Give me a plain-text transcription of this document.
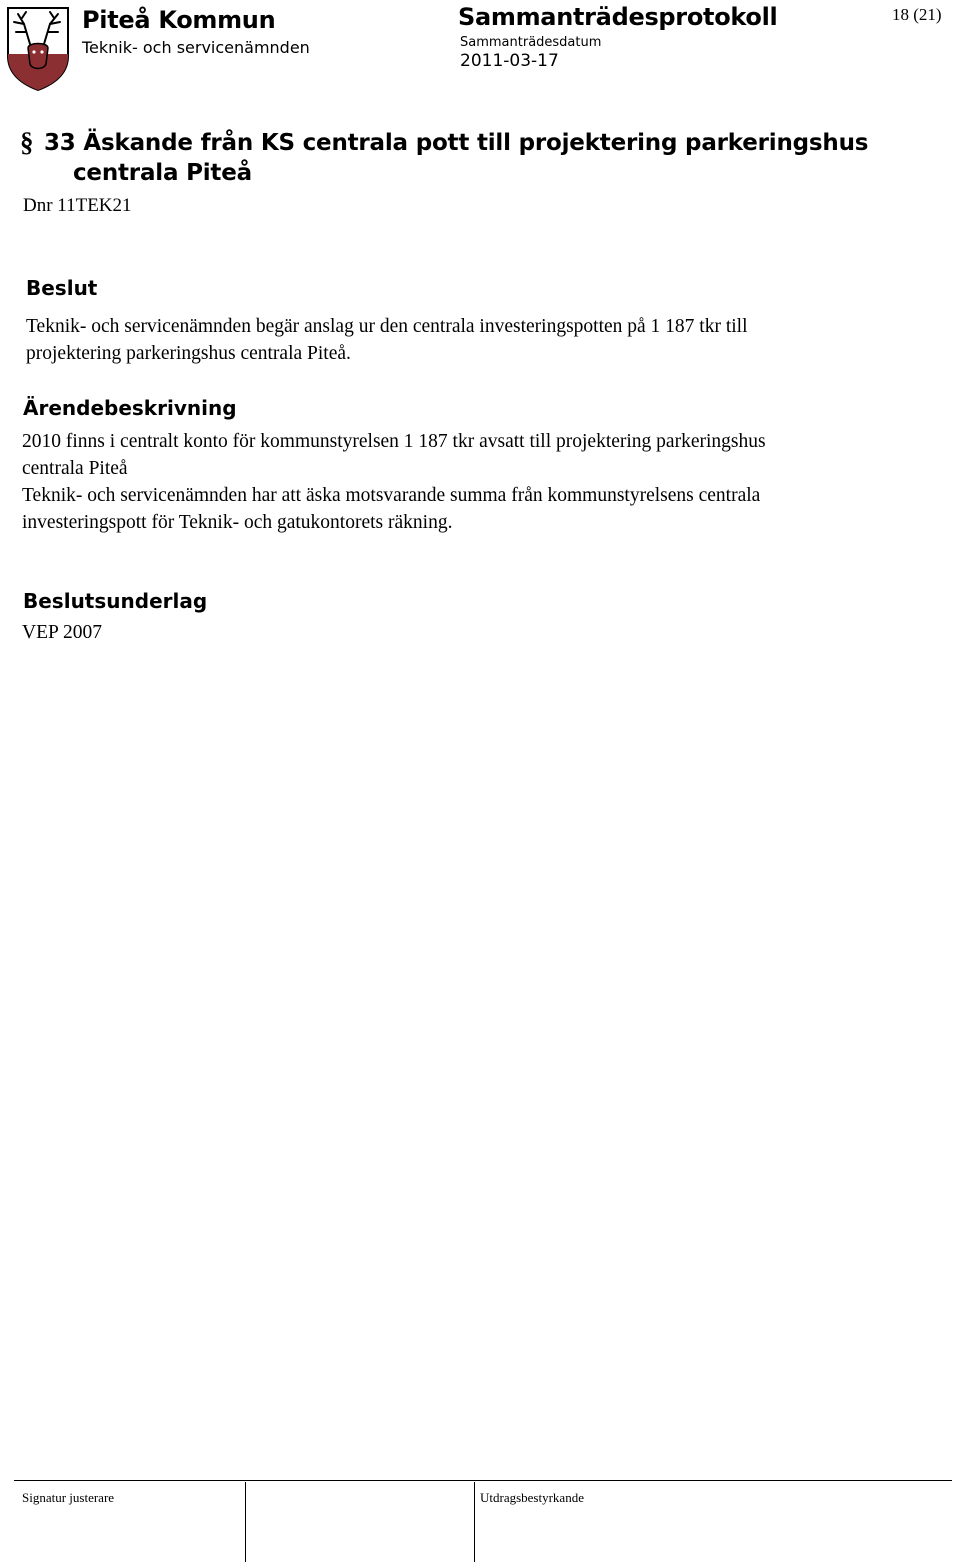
Piteå Kommun
Teknik- och servicenämnden
Sammanträdesprotokoll
Sammanträdesdatum
2011-03-17
18 (21)
§ 33 Äskande från KS centrala pott till projektering parkeringshus
centrala Piteå
Dnr 11TEK21
Beslut
Teknik- och servicenämnden begär anslag ur den centrala investeringspotten på 1 187 tkr till
projektering parkeringshus centrala Piteå.
Ärendebeskrivning
2010 finns i centralt konto för kommunstyrelsen 1 187 tkr avsatt till projektering parkeringshus
centrala Piteå
Teknik- och servicenämnden har att äska motsvarande summa från kommunstyrelsens centrala
investeringspott för Teknik- och gatukontorets räkning.
Beslutsunderlag
VEP 2007
Signatur justerare	Utdragsbestyrkande
